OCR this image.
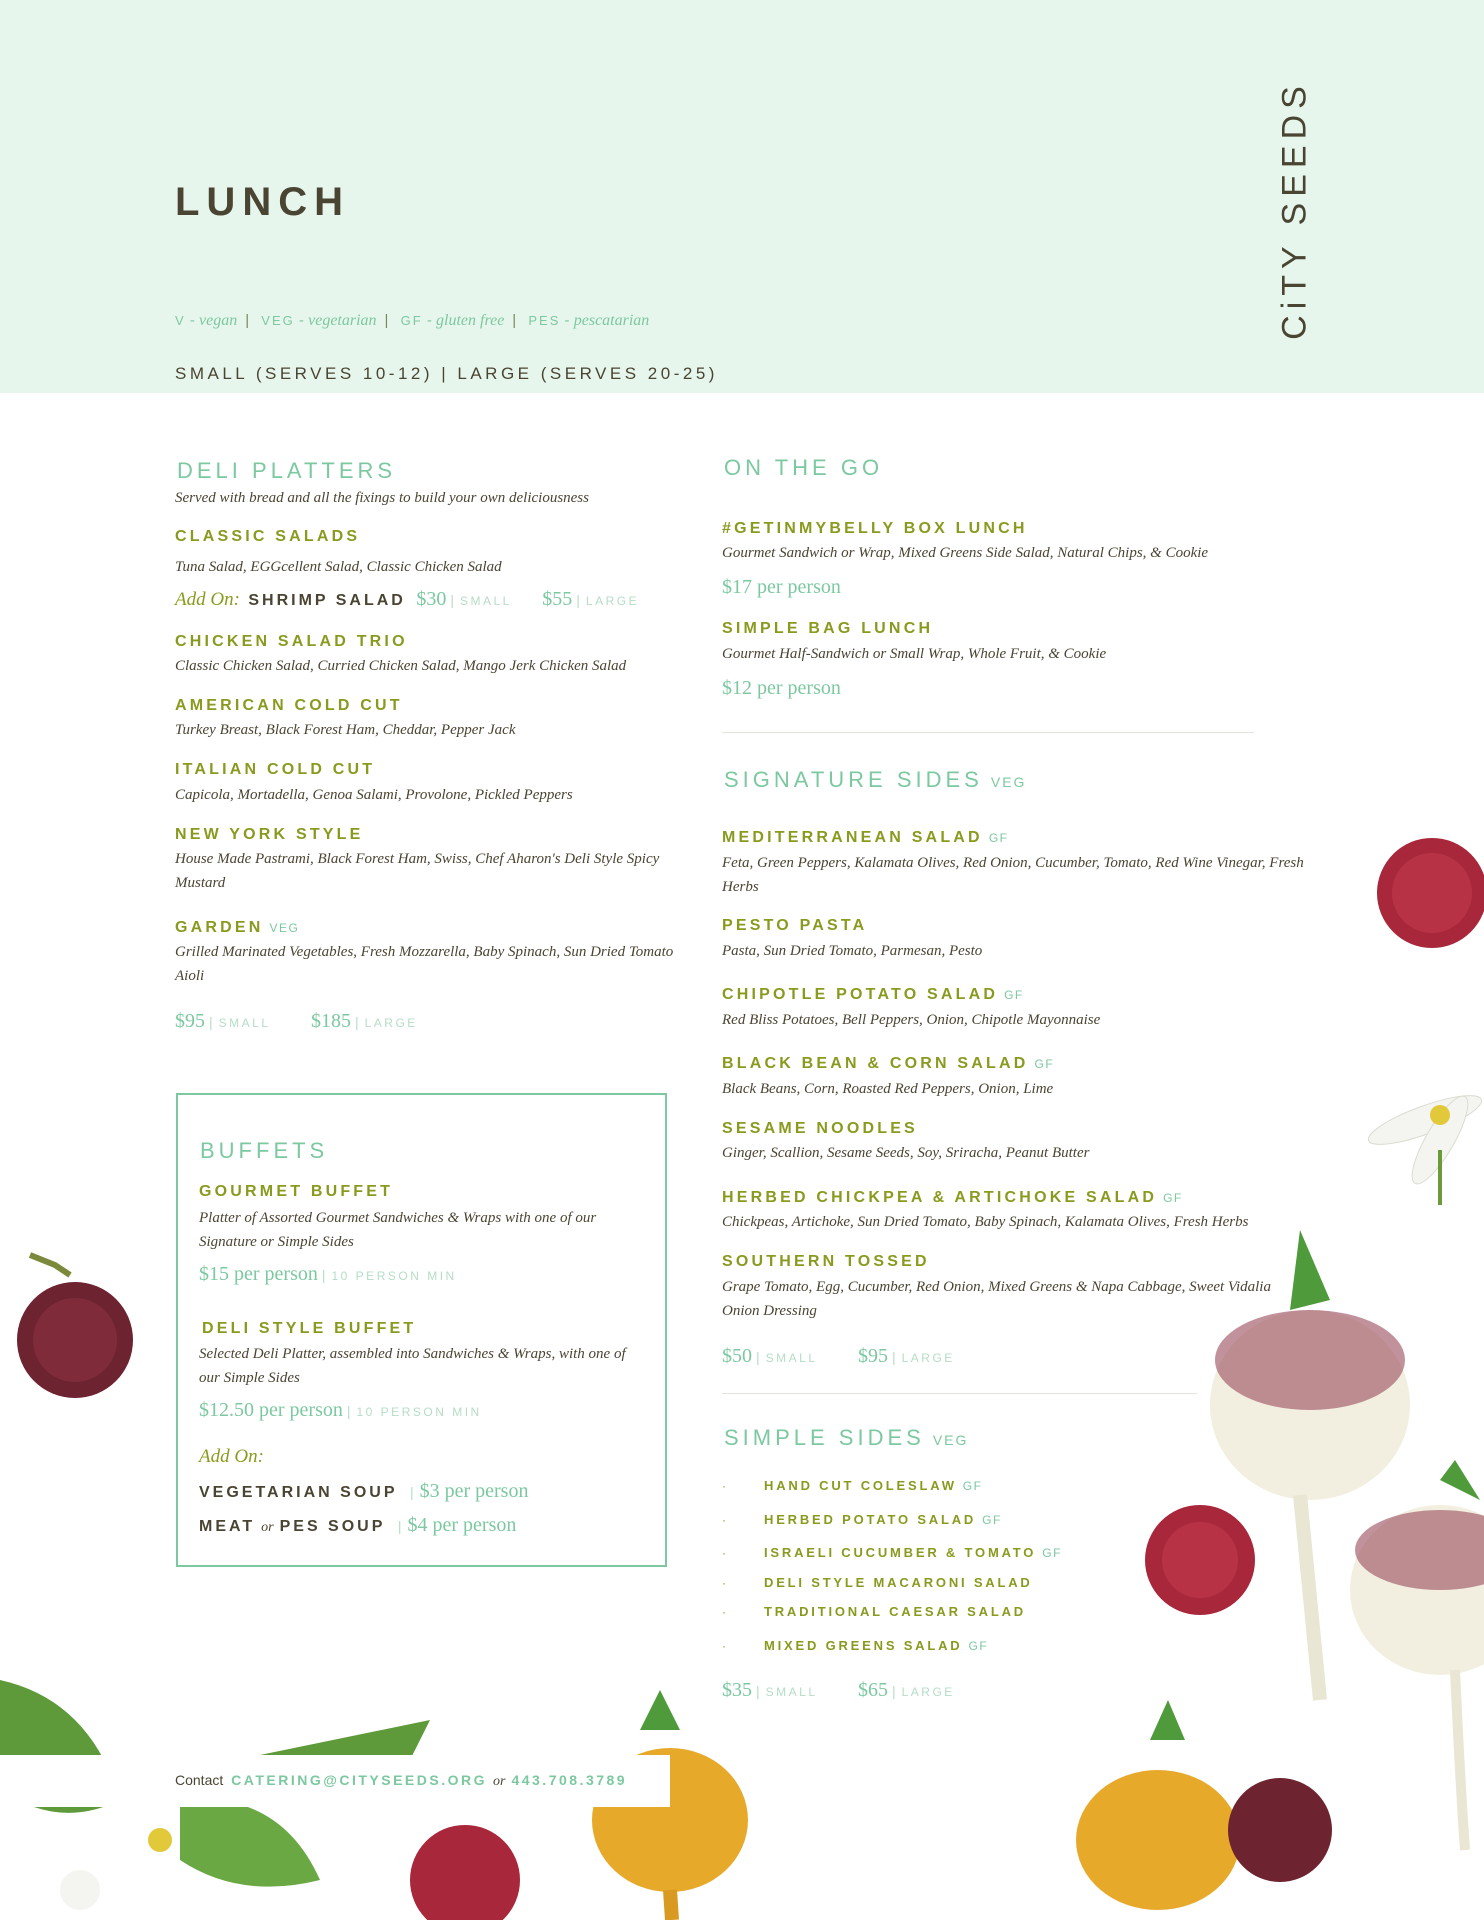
LUNCH	CiTY SEEDS
V - vegan | VEG - vegetarian | GF - gluten free | PES - pescatarian
SMALL (SERVES 10-12) | LARGE (SERVES 20-25)
DELI PLATTERS
Served with bread and all the fixings to build your own deliciousness
CLASSIC SALADS
Tuna Salad, EGGcellent Salad, Classic Chicken Salad
Add On: SHRIMP SALAD $30 | SMALL $55 | LARGE
CHICKEN SALAD TRIO
Classic Chicken Salad, Curried Chicken Salad, Mango Jerk Chicken Salad
AMERICAN COLD CUT
Turkey Breast, Black Forest Ham, Cheddar, Pepper Jack
ITALIAN COLD CUT
Capicola, Mortadella, Genoa Salami, Provolone, Pickled Peppers
NEW YORK STYLE
House Made Pastrami, Black Forest Ham, Swiss, Chef Aharon's Deli Style Spicy Mustard
GARDEN VEG
Grilled Marinated Vegetables, Fresh Mozzarella, Baby Spinach, Sun Dried Tomato Aioli
$95 | SMALL $185 | LARGE
BUFFETS
GOURMET BUFFET
Platter of Assorted Gourmet Sandwiches & Wraps with one of our Signature or Simple Sides
$15 per person | 10 PERSON MIN
DELI STYLE BUFFET
Selected Deli Platter, assembled into Sandwiches & Wraps, with one of our Simple Sides
$12.50 per person | 10 PERSON MIN
Add On:
VEGETARIAN SOUP | $3 per person
MEAT or PES SOUP | $4 per person
ON THE GO
#GETINMYBELLY BOX LUNCH
Gourmet Sandwich or Wrap, Mixed Greens Side Salad, Natural Chips, & Cookie
$17 per person
SIMPLE BAG LUNCH
Gourmet Half-Sandwich or Small Wrap, Whole Fruit, & Cookie
$12 per person
SIGNATURE SIDES VEG
MEDITERRANEAN SALAD GF
Feta, Green Peppers, Kalamata Olives, Red Onion, Cucumber, Tomato, Red Wine Vinegar, Fresh Herbs
PESTO PASTA
Pasta, Sun Dried Tomato, Parmesan, Pesto
CHIPOTLE POTATO SALAD GF
Red Bliss Potatoes, Bell Peppers, Onion, Chipotle Mayonnaise
BLACK BEAN & CORN SALAD GF
Black Beans, Corn, Roasted Red Peppers, Onion, Lime
SESAME NOODLES
Ginger, Scallion, Sesame Seeds, Soy, Sriracha, Peanut Butter
HERBED CHICKPEA & ARTICHOKE SALAD GF
Chickpeas, Artichoke, Sun Dried Tomato, Baby Spinach, Kalamata Olives, Fresh Herbs
SOUTHERN TOSSED
Grape Tomato, Egg, Cucumber, Red Onion, Mixed Greens & Napa Cabbage, Sweet Vidalia Onion Dressing
$50 | SMALL $95 | LARGE
SIMPLE SIDES VEG
·	HAND CUT COLESLAW GF
·	HERBED POTATO SALAD GF
·	ISRAELI CUCUMBER & TOMATO GF
·	DELI STYLE MACARONI SALAD
·	TRADITIONAL CAESAR SALAD
·	MIXED GREENS SALAD GF
$35 | SMALL $65 | LARGE
Contact CATERING@CITYSEEDS.ORG or 443.708.3789
